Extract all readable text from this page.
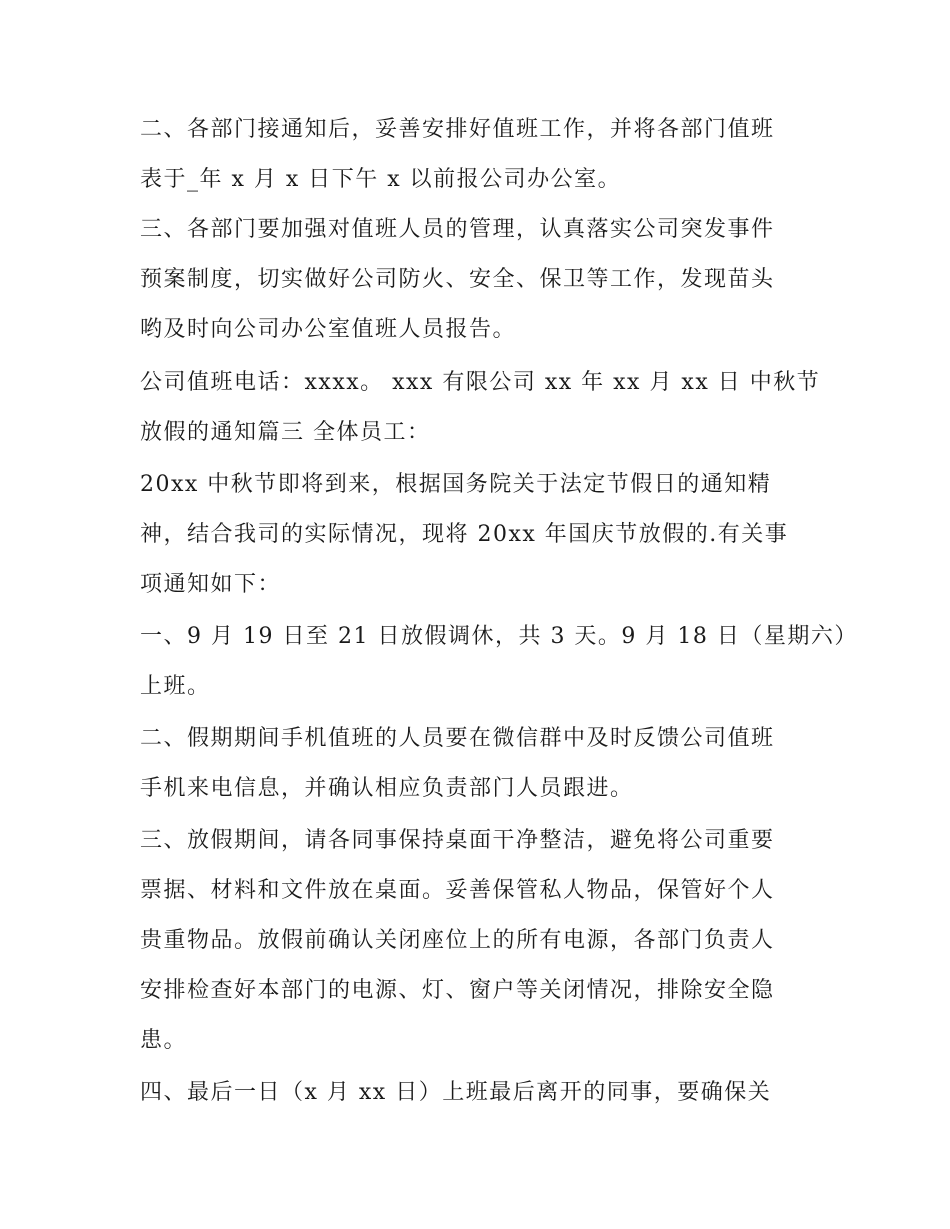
二、各部门接通知后，妥善安排好值班工作，并将各部门值班

表于_年 x 月 x 日下午 x 以前报公司办公室。

三、各部门要加强对值班人员的管理，认真落实公司突发事件

预案制度，切实做好公司防火、安全、保卫等工作，发现苗头

哟及时向公司办公室值班人员报告。

公司值班电话：xxxx。 xxx 有限公司 xx 年 xx 月 xx 日 中秋节

放假的通知篇三 全体员工：

20xx 中秋节即将到来，根据国务院关于法定节假日的通知精

神，结合我司的实际情况，现将 20xx 年国庆节放假的.有关事

项通知如下：

一、9 月 19 日至 21 日放假调休，共 3 天。9 月 18 日（星期六）

上班。

二、假期期间手机值班的人员要在微信群中及时反馈公司值班

手机来电信息，并确认相应负责部门人员跟进。

三、放假期间，请各同事保持桌面干净整洁，避免将公司重要

票据、材料和文件放在桌面。妥善保管私人物品，保管好个人

贵重物品。放假前确认关闭座位上的所有电源，各部门负责人

安排检查好本部门的电源、灯、窗户等关闭情况，排除安全隐

患。

四、最后一日（x 月 xx 日）上班最后离开的同事，要确保关
